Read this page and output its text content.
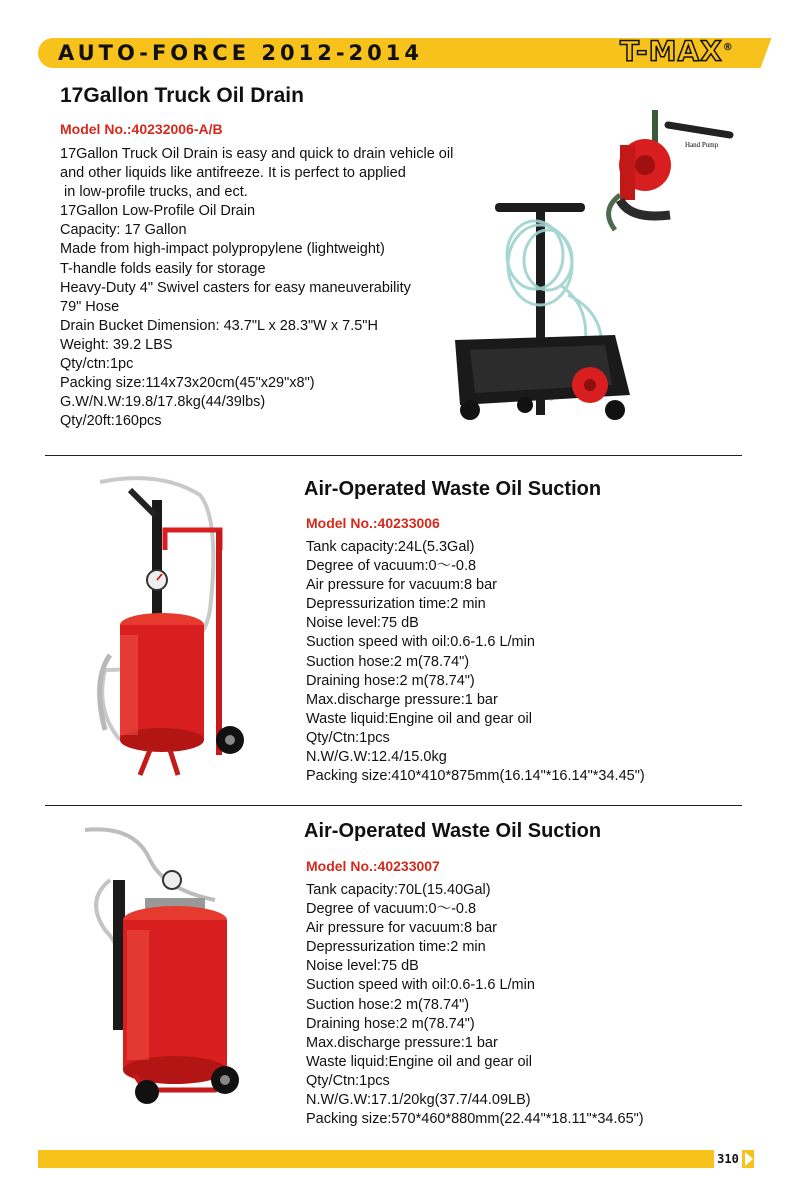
AUTO-FORCE 2012-2014	T-MAX®
17Gallon Truck Oil Drain
Model No.:40232006-A/B
17Gallon Truck Oil Drain is easy and quick to drain vehicle oil
and other liquids like antifreeze. It is perfect to applied
in low-profile trucks, and ect.
17Gallon Low-Profile Oil Drain
Capacity: 17 Gallon
Made from high-impact polypropylene (lightweight)
T-handle folds easily for storage
Heavy-Duty 4" Swivel casters for easy maneuverability
79" Hose
Drain Bucket Dimension: 43.7"L x 28.3"W x 7.5"H
Weight: 39.2 LBS
Qty/ctn:1pc
Packing size:114x73x20cm(45"x29"x8")
G.W/N.W:19.8/17.8kg(44/39lbs)
Qty/20ft:160pcs
Hand Pump
Air-Operated Waste Oil Suction
Model No.:40233006
Tank capacity:24L(5.3Gal)
Degree of vacuum:0～-0.8
Air pressure for vacuum:8 bar
Depressurization time:2 min
Noise level:75 dB
Suction speed with oil:0.6-1.6 L/min
Suction hose:2 m(78.74")
Draining hose:2 m(78.74")
Max.discharge pressure:1 bar
Waste liquid:Engine oil and gear oil
Qty/Ctn:1pcs
N.W/G.W:12.4/15.0kg
Packing size:410*410*875mm(16.14"*16.14"*34.45")
Air-Operated Waste Oil Suction
Model No.:40233007
Tank capacity:70L(15.40Gal)
Degree of vacuum:0～-0.8
Air pressure for vacuum:8 bar
Depressurization time:2 min
Noise level:75 dB
Suction speed with oil:0.6-1.6 L/min
Suction hose:2 m(78.74")
Draining hose:2 m(78.74")
Max.discharge pressure:1 bar
Waste liquid:Engine oil and gear oil
Qty/Ctn:1pcs
N.W/G.W:17.1/20kg(37.7/44.09LB)
Packing size:570*460*880mm(22.44"*18.11"*34.65")
310
